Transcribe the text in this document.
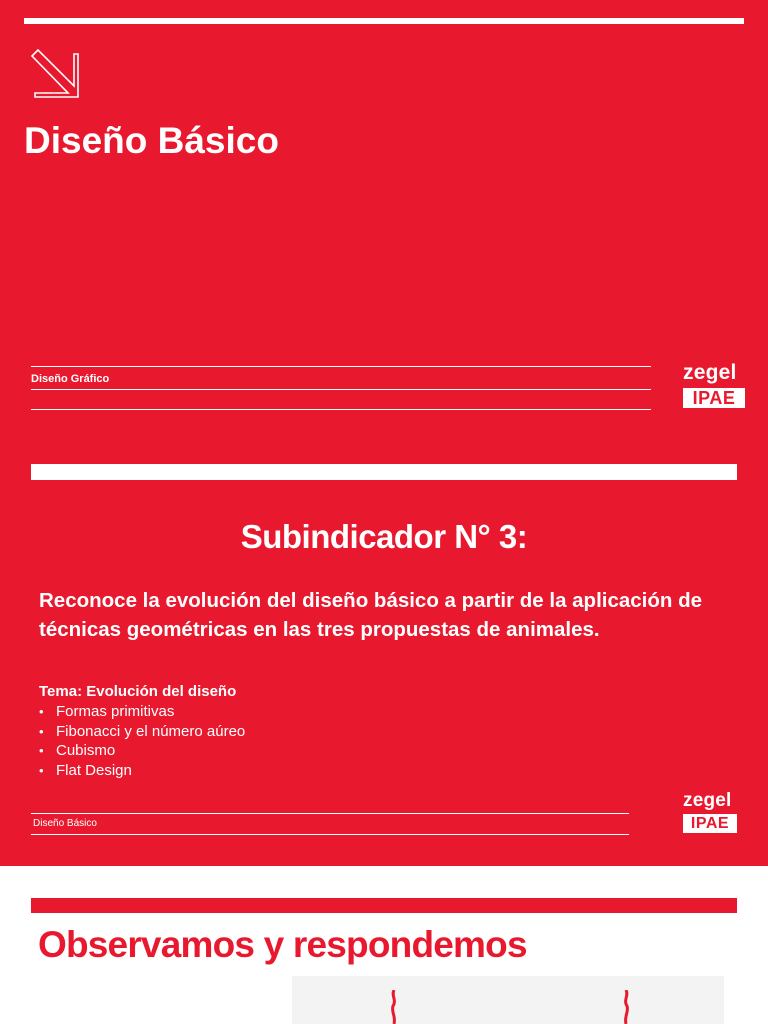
Diseño Básico
Diseño Gráfico	zegel
IPAE
Subindicador N° 3:
Reconoce la evolución del diseño básico a partir de la aplicación de técnicas geométricas en las tres propuestas de animales.
Tema: Evolución del diseño
• Formas primitivas
• Fibonacci y el número aúreo
• Cubismo
• Flat Design
Diseño Básico
zegel
IPAE
Observamos y respondemos
